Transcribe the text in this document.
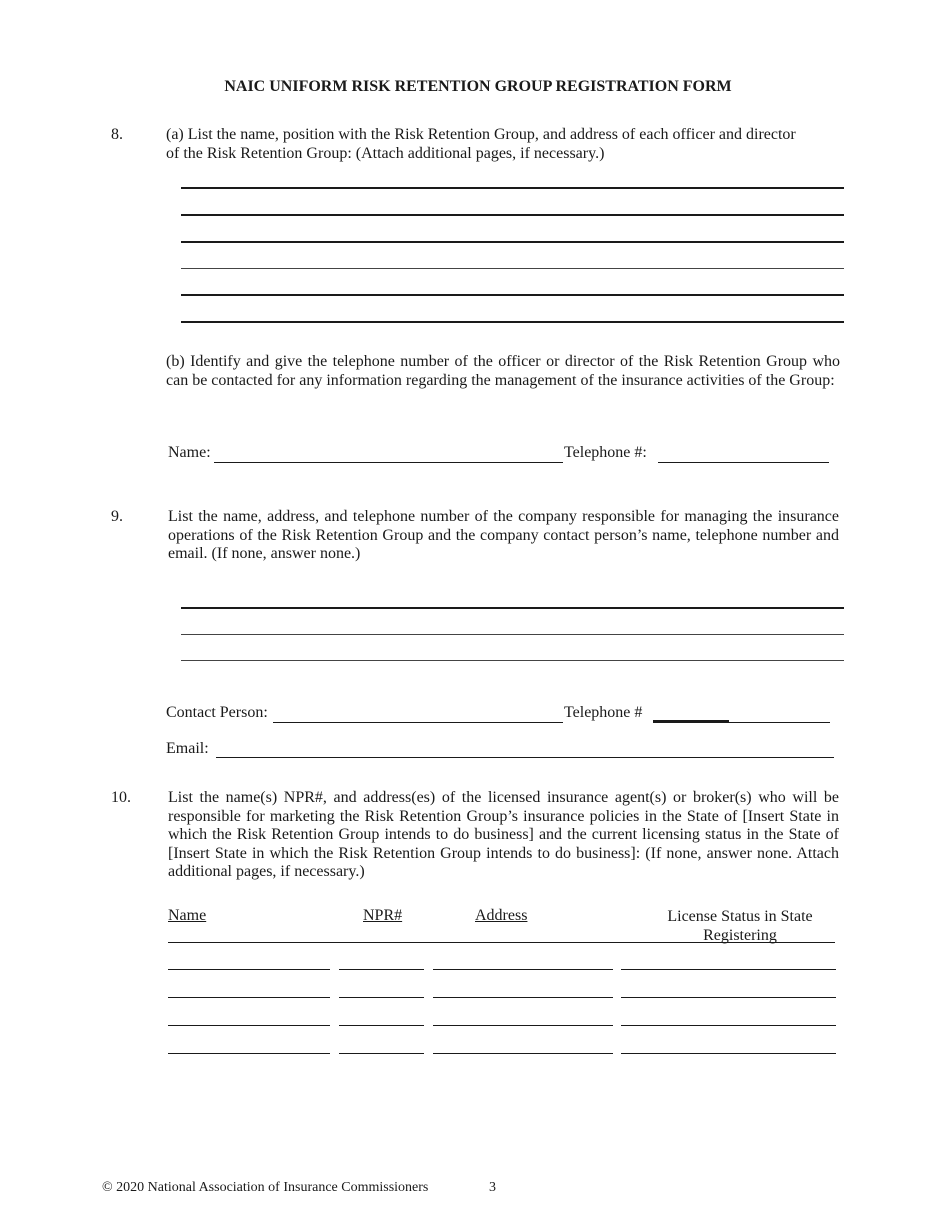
NAIC UNIFORM RISK RETENTION GROUP REGISTRATION FORM
8.	(a) List the name, position with the Risk Retention Group, and address of each officer and director of the Risk Retention Group: (Attach additional pages, if necessary.)
(b) Identify and give the telephone number of the officer or director of the Risk Retention Group who can be contacted for any information regarding the management of the insurance activities of the Group:
Name:	Telephone #:
9.	List the name, address, and telephone number of the company responsible for managing the insurance operations of the Risk Retention Group and the company contact person’s name, telephone number and email. (If none, answer none.)
Contact Person:	Telephone #
Email:
10. List the name(s) NPR#, and address(es) of the licensed insurance agent(s) or broker(s) who will be responsible for marketing the Risk Retention Group’s insurance policies in the State of [Insert State in which the Risk Retention Group intends to do business] and the current licensing status in the State of [Insert State in which the Risk Retention Group intends to do business]: (If none, answer none. Attach additional pages, if necessary.)
Name	NPR#	Address	License Status in State Registering
© 2020 National Association of Insurance Commissioners	3
